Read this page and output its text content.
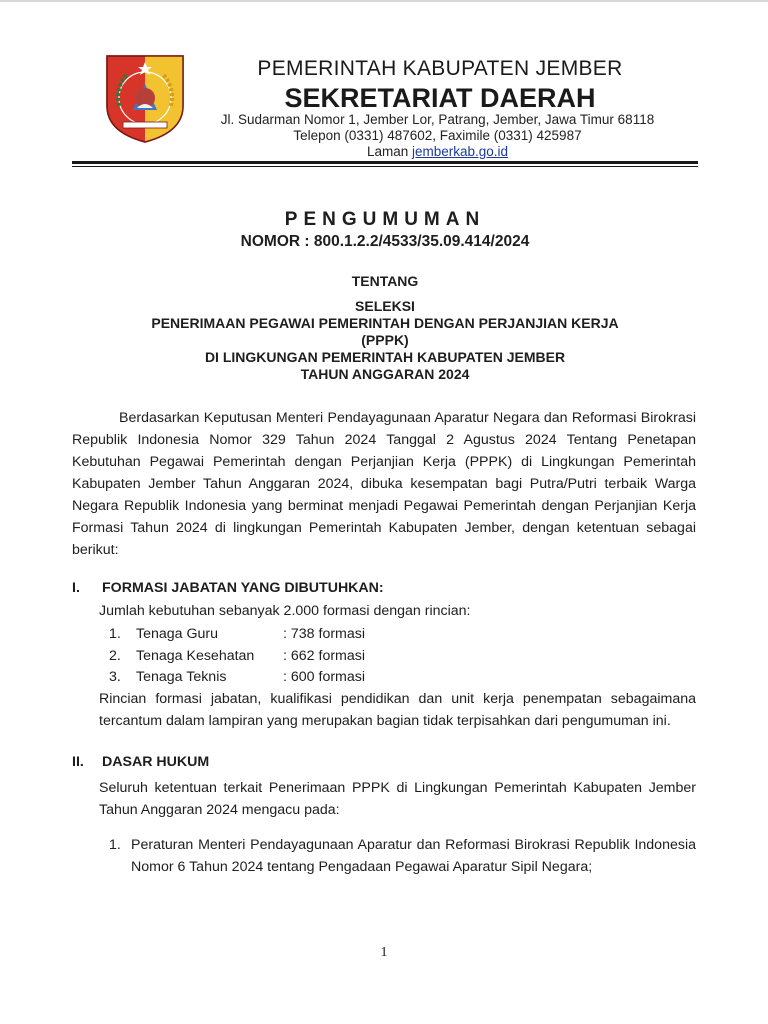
PEMERINTAH KABUPATEN JEMBER

SEKRETARIAT DAERAH

Jl. Sudarman Nomor 1, Jember Lor, Patrang, Jember, Jawa Timur 68118
Telepon (0331) 487602, Faximile (0331) 425987
Laman jemberkab.go.id
PENGUMUMAN
NOMOR : 800.1.2.2/4533/35.09.414/2024
TENTANG
SELEKSI
PENERIMAAN PEGAWAI PEMERINTAH DENGAN PERJANJIAN KERJA
(PPPK)
DI LINGKUNGAN PEMERINTAH KABUPATEN JEMBER
TAHUN ANGGARAN 2024
Berdasarkan Keputusan Menteri Pendayagunaan Aparatur Negara dan Reformasi Birokrasi Republik Indonesia Nomor 329 Tahun 2024 Tanggal 2 Agustus 2024 Tentang Penetapan Kebutuhan Pegawai Pemerintah dengan Perjanjian Kerja (PPPK) di Lingkungan Pemerintah Kabupaten Jember Tahun Anggaran 2024, dibuka kesempatan bagi Putra/Putri terbaik Warga Negara Republik Indonesia yang berminat menjadi Pegawai Pemerintah dengan Perjanjian Kerja Formasi Tahun 2024 di lingkungan Pemerintah Kabupaten Jember, dengan ketentuan sebagai berikut:
I. FORMASI JABATAN YANG DIBUTUHKAN:
Jumlah kebutuhan sebanyak 2.000 formasi dengan rincian:
1. Tenaga Guru	: 738 formasi
2. Tenaga Kesehatan : 662 formasi
3. Tenaga Teknis	: 600 formasi
Rincian formasi jabatan, kualifikasi pendidikan dan unit kerja penempatan sebagaimana tercantum dalam lampiran yang merupakan bagian tidak terpisahkan dari pengumuman ini.
II. DASAR HUKUM
Seluruh ketentuan terkait Penerimaan PPPK di Lingkungan Pemerintah Kabupaten Jember Tahun Anggaran 2024 mengacu pada:
1. Peraturan Menteri Pendayagunaan Aparatur dan Reformasi Birokrasi Republik Indonesia Nomor 6 Tahun 2024 tentang Pengadaan Pegawai Aparatur Sipil Negara;
1
